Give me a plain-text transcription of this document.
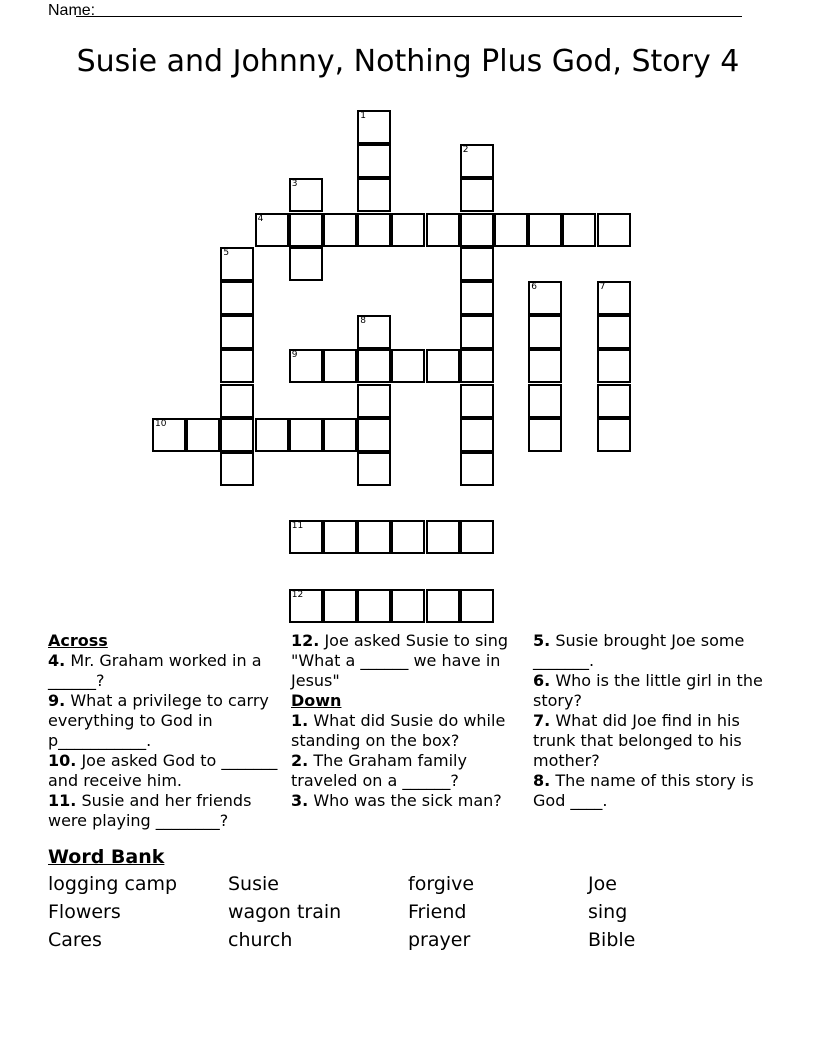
Name:
Susie and Johnny, Nothing Plus God, Story 4
1
2
3
4
5
6	7
8
9
10
11
12
Across

4. Mr. Graham worked in a ______?

9. What a privilege to carry everything to God in p___________.

10. Joe asked God to _______ and receive him.

11. Susie and her friends were playing ________?

12. Joe asked Susie to sing "What a ______ we have in Jesus"

Down

1. What did Susie do while standing on the box?

2. The Graham family traveled on a ______?

3. Who was the sick man?

5. Susie brought Joe some _______.

6. Who is the little girl in the story?

7. What did Joe find in his trunk that belonged to his mother?

8. The name of this story is God ____.

Word Bank
logging camp	Susie	forgive	Joe
Flowers	wagon train	Friend	sing
Cares	church	prayer	Bible
